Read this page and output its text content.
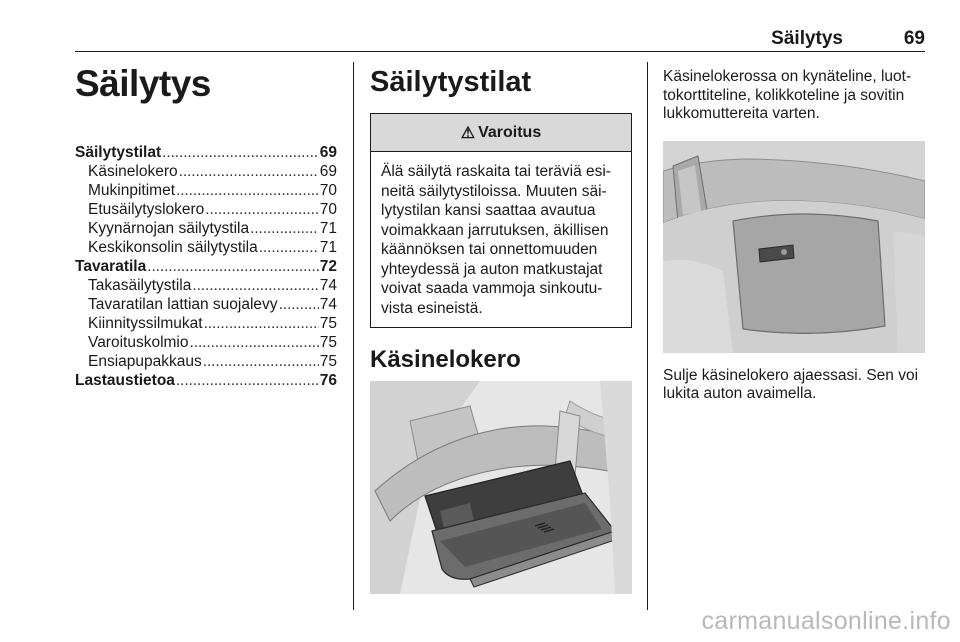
Säilytys	69
Säilytys
Säilytystilat . . .	69
Käsinelokero . . .	69
Mukinpitimet . . .	70
Etusäilytyslokero . . .	70
Kyynärnojan säilytystila . . .	71
Keskikonsolin säilytystila . . .	71
Tavaratila . . .	72
Takasäilytystila . . .	74
Tavaratilan lattian suojalevy . . .	74
Kiinnityssilmukat . . .	75
Varoituskolmio . . .	75
Ensiapupakkaus . . .	75
Lastaustietoa . . .	76
Säilytystilat
⚠ Varoitus
Älä säilytä raskaita tai teräviä esi-
neitä säilytystiloissa. Muuten säi-
lytystilan kansi saattaa avautua
voimakkaan jarrutuksen, äkillisen
käännöksen tai onnettomuuden
yhteydessä ja auton matkustajat
voivat saada vammoja sinkoutu-
vista esineistä.
Käsinelokero
Käsinelokerossa on kynäteline, luot-
tokorttiteline, kolikkoteline ja sovitin
lukkomuttereita varten.
Sulje käsinelokero ajaessasi. Sen voi
lukita auton avaimella.
carmanualsonline.info
